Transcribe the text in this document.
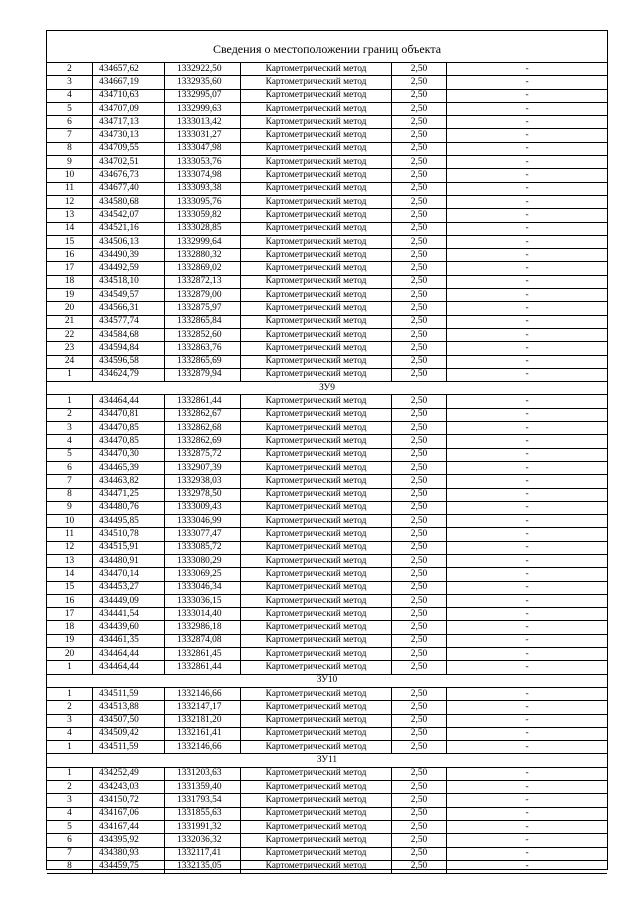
Сведения о местоположении границ объекта
2	434657,62	1332922,50	Картометрический метод	2,50	-
3	434667,19	1332935,60	Картометрический метод	2,50	-
4	434710,63	1332995,07	Картометрический метод	2,50	-
5	434707,09	1332999,63	Картометрический метод	2,50	-
6	434717,13	1333013,42	Картометрический метод	2,50	-
7	434730,13	1333031,27	Картометрический метод	2,50	-
8	434709,55	1333047,98	Картометрический метод	2,50	-
9	434702,51	1333053,76	Картометрический метод	2,50	-
10	434676,73	1333074,98	Картометрический метод	2,50	-
11	434677,40	1333093,38	Картометрический метод	2,50	-
12	434580,68	1333095,76	Картометрический метод	2,50	-
13	434542,07	1333059,82	Картометрический метод	2,50	-
14	434521,16	1333028,85	Картометрический метод	2,50	-
15	434506,13	1332999,64	Картометрический метод	2,50	-
16	434490,39	1332880,32	Картометрический метод	2,50	-
17	434492,59	1332869,02	Картометрический метод	2,50	-
18	434518,10	1332872,13	Картометрический метод	2,50	-
19	434549,57	1332879,00	Картометрический метод	2,50	-
20	434566,31	1332875,97	Картометрический метод	2,50	-
21	434577,74	1332865,84	Картометрический метод	2,50	-
22	434584,68	1332852,60	Картометрический метод	2,50	-
23	434594,84	1332863,76	Картометрический метод	2,50	-
24	434596,58	1332865,69	Картометрический метод	2,50	-
1	434624,79	1332879,94	Картометрический метод	2,50	-
ЗУ9					
1	434464,44	1332861,44	Картометрический метод	2,50	-
2	434470,81	1332862,67	Картометрический метод	2,50	-
3	434470,85	1332862,68	Картометрический метод	2,50	-
4	434470,85	1332862,69	Картометрический метод	2,50	-
5	434470,30	1332875,72	Картометрический метод	2,50	-
6	434465,39	1332907,39	Картометрический метод	2,50	-
7	434463,82	1332938,03	Картометрический метод	2,50	-
8	434471,25	1332978,50	Картометрический метод	2,50	-
9	434480,76	1333009,43	Картометрический метод	2,50	-
10	434495,85	1333046,99	Картометрический метод	2,50	-
11	434510,78	1333077,47	Картометрический метод	2,50	-
12	434515,91	1333085,72	Картометрический метод	2,50	-
13	434480,91	1333080,29	Картометрический метод	2,50	-
14	434470,14	1333069,25	Картометрический метод	2,50	-
15	434453,27	1333046,34	Картометрический метод	2,50	-
16	434449,09	1333036,15	Картометрический метод	2,50	-
17	434441,54	1333014,40	Картометрический метод	2,50	-
18	434439,60	1332986,18	Картометрический метод	2,50	-
19	434461,35	1332874,08	Картометрический метод	2,50	-
20	434464,44	1332861,45	Картометрический метод	2,50	-
1	434464,44	1332861,44	Картометрический метод	2,50	-
ЗУ10					
1	434511,59	1332146,66	Картометрический метод	2,50	-
2	434513,88	1332147,17	Картометрический метод	2,50	-
3	434507,50	1332181,20	Картометрический метод	2,50	-
4	434509,42	1332161,41	Картометрический метод	2,50	-
1	434511,59	1332146,66	Картометрический метод	2,50	-
ЗУ11					
1	434252,49	1331203,63	Картометрический метод	2,50	-
2	434243,03	1331359,40	Картометрический метод	2,50	-
3	434150,72	1331793,54	Картометрический метод	2,50	-
4	434167,06	1331855,63	Картометрический метод	2,50	-
5	434167,44	1331991,32	Картометрический метод	2,50	-
6	434395,92	1332036,32	Картометрический метод	2,50	-
7	434380,93	1332117,41	Картометрический метод	2,50	-
8	434459,75	1332135,05	Картометрический метод	2,50	-
